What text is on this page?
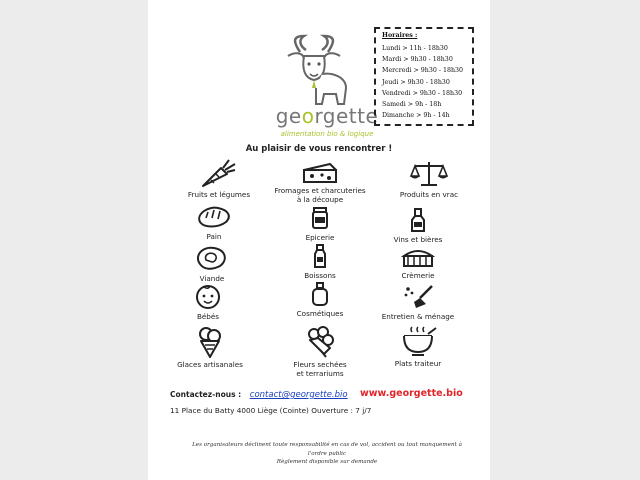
georgette
alimentation bio & logique
Horaires :
Lundi > 11h - 18h30
Mardi > 9h30 - 18h30
Mercredi > 9h30 - 18h30
Jeudi > 9h30 - 18h30
Vendredi > 9h30 - 18h30
Samedi > 9h - 18h
Dimanche > 9h - 14h
Au plaisir de vous rencontrer !
Fruits et légumes	Fromages et charcuteries
à la découpe
Produits en vrac
Pain	Epicerie	Vins et bières
Viande	Boissons	Crèmerie
Bébés	Cosmétiques	Entretien & ménage
Glaces artisanales	Fleurs sechées
et terrariums
Plats traiteur
Contactez-nous : contact@georgette.bio www.georgette.bio
11 Place du Batty 4000 Liège (Cointe) Ouverture : 7 j/7
Les organisateurs déclinent toute responsabilité en cas de vol, accident ou tout manquement à
l'ordre public
Règlement disponible sur demande
